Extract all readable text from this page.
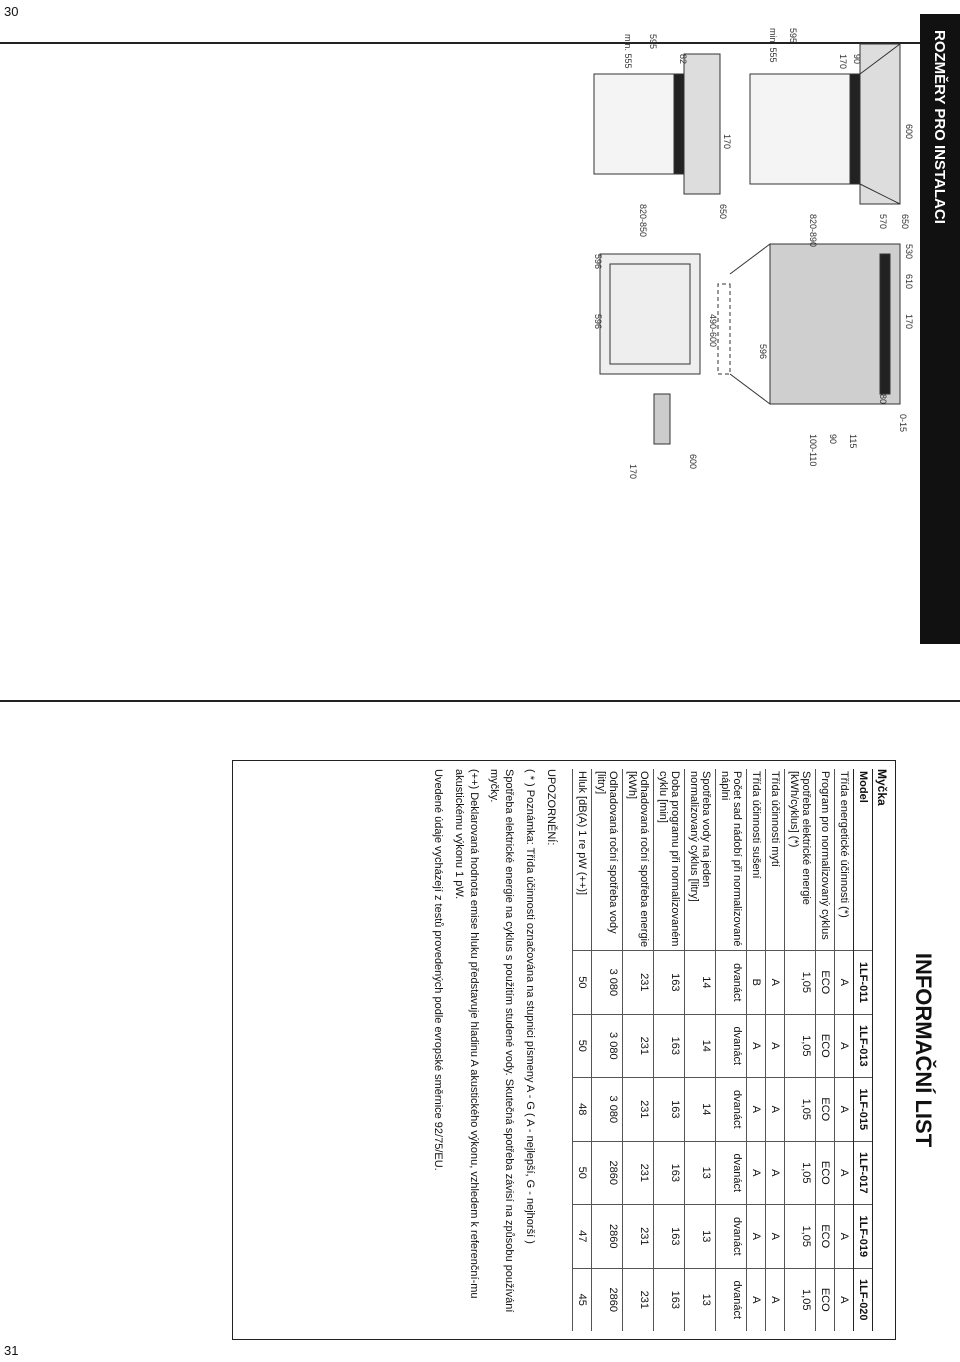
30
31
ROZMĚRY PRO INSTALACI
650
570
820-890
595
min. 555	90
170
600
530
610
0-15
170
80
490-600
115
90
100-110
596
650
820-850
595
min. 555	82
170
600
170
596
596
INFORMAČNÍ LIST
Myčka
Model	1LF-011	1LF-013	1LF-015	1LF-017	1LF-019	1LF-020
Třída energetické účinnosti (*)	A	A	A	A	A	A
Program pro normalizovaný cyklus	ECO	ECO	ECO	ECO	ECO	ECO
Spotřeba elektrické energie [kWh/cyklus] (*)	1,05	1,05	1,05	1,05	1,05	1,05
Třída účinnosti mytí	A	A	A	A	A	A
Třída účinnosti sušení	B	A	A	A	A	A
Počet sad nádobí při normalizované náplni	dvanáct	dvanáct	dvanáct	dvanáct	dvanáct	dvanáct
Spotřeba vody na jeden normalizovaný cyklus [litry]	14	14	14	13	13	13
Doba programu při normalizovaném cyklu [min]	163	163	163	163	163	163
Odhadovaná roční spotřeba energie [kWh]	231	231	231	231	231	231
Odhadovaná roční spotřeba vody [litry]	3 080	3 080	3 080	2860	2860	2860
Hluk [dB(A) 1 re pW (++)]	50	50	48	50	47	45

UPOZORNĚNÍ:

( * ) Poznámka: Třída účinnosti označována na stupnici písmeny A - G ( A - nejlepší, G - nejhorší )

Spotřeba elektrické energie na cyklus s použitím studené vody. Skutečná spotřeba závisí na způsobu používání myčky.

(++) Deklarovaná hodnota emise hluku představuje hladinu A akustického výkonu, vzhledem k referenční-mu akustickému výkonu 1 pW.

Uvedené údaje vycházejí z testů provedených podle evropské směrnice 92/75/EU.
